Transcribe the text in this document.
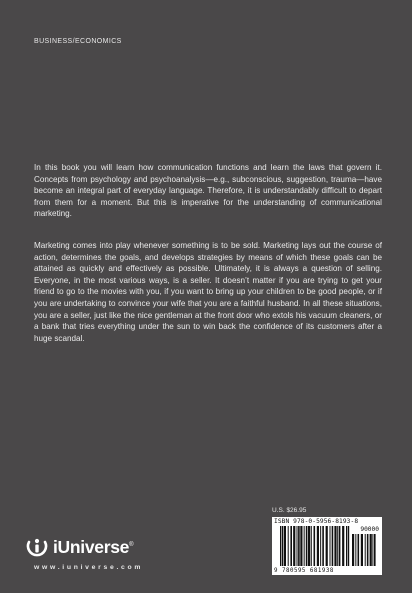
BUSINESS/ECONOMICS

In this book you will learn how communication functions and learn the laws that govern it. Concepts from psychology and psychoanalysis—e.g., subconscious, suggestion, trauma—have become an integral part of everyday language. Therefore, it is understandably difficult to depart from them for a moment. But this is imperative for the understanding of communicational marketing.

Marketing comes into play whenever something is to be sold. Marketing lays out the course of action, determines the goals, and develops strategies by means of which these goals can be attained as quickly and effectively as possible. Ultimately, it is always a question of selling. Everyone, in the most various ways, is a seller. It doesn’t matter if you are trying to get your friend to go to the movies with you, if you want to bring up your children to be good people, or if you are undertaking to convince your wife that you are a faithful husband. In all these situations, you are a seller, just like the nice gentleman at the front door who extols his vacuum cleaners, or a bank that tries everything under the sun to win back the confidence of its customers after a huge scandal.

U.S. $26.95
ISBN 978-0-5956-8193-8
90000
9 780595 681938
iUniverse®
www.iuniverse.com
